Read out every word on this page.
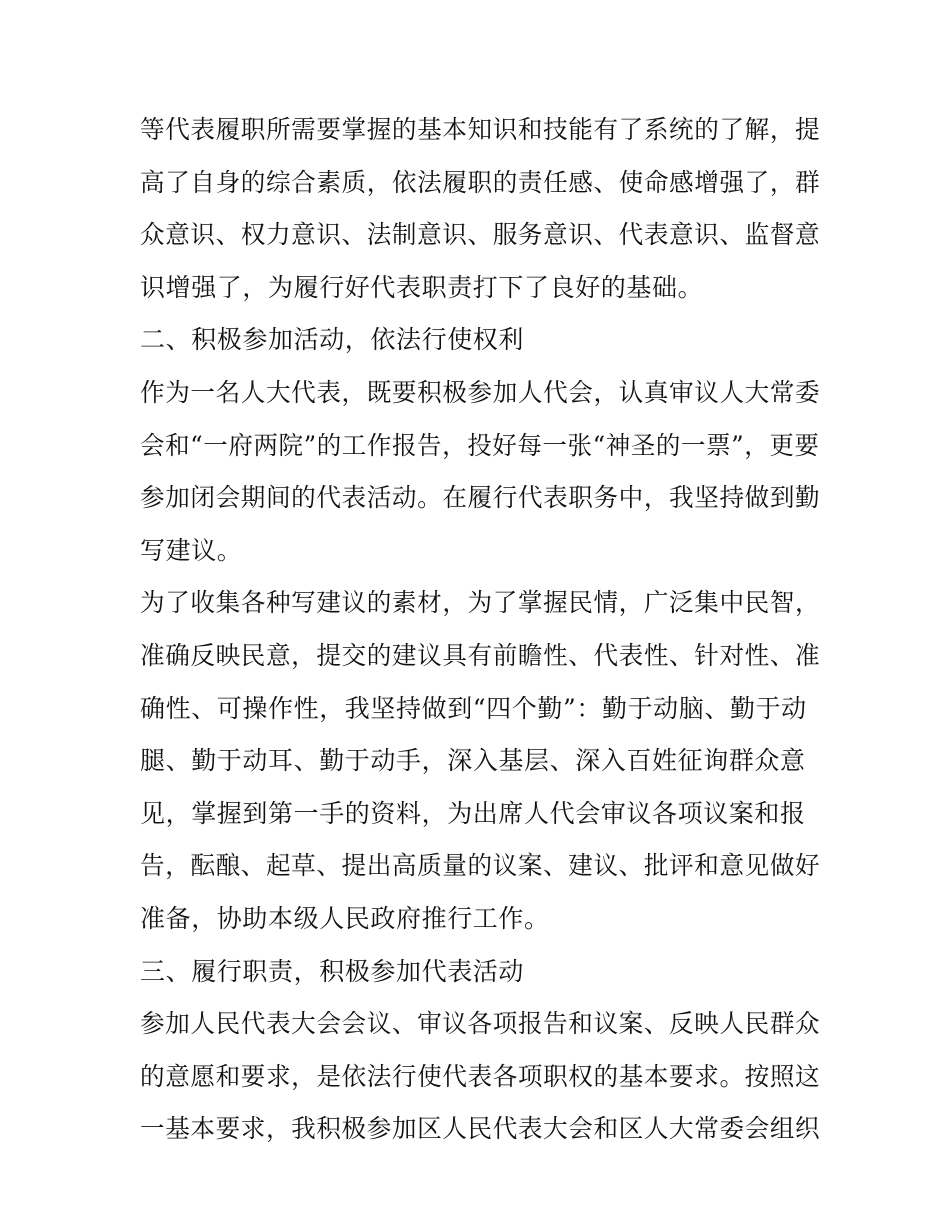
等代表履职所需要掌握的基本知识和技能有了系统的了解，提
高了自身的综合素质，依法履职的责任感、使命感增强了，群
众意识、权力意识、法制意识、服务意识、代表意识、监督意
识增强了，为履行好代表职责打下了良好的基础。
二、积极参加活动，依法行使权利
作为一名人大代表，既要积极参加人代会，认真审议人大常委
会和“一府两院”的工作报告，投好每一张“神圣的一票”，更要
参加闭会期间的代表活动。在履行代表职务中，我坚持做到勤
写建议。
为了收集各种写建议的素材，为了掌握民情，广泛集中民智，
准确反映民意，提交的建议具有前瞻性、代表性、针对性、准
确性、可操作性，我坚持做到“四个勤”：勤于动脑、勤于动
腿、勤于动耳、勤于动手，深入基层、深入百姓征询群众意
见，掌握到第一手的资料，为出席人代会审议各项议案和报
告，酝酿、起草、提出高质量的议案、建议、批评和意见做好
准备，协助本级人民政府推行工作。
三、履行职责，积极参加代表活动
参加人民代表大会会议、审议各项报告和议案、反映人民群众
的意愿和要求，是依法行使代表各项职权的基本要求。按照这
一基本要求，我积极参加区人民代表大会和区人大常委会组织
